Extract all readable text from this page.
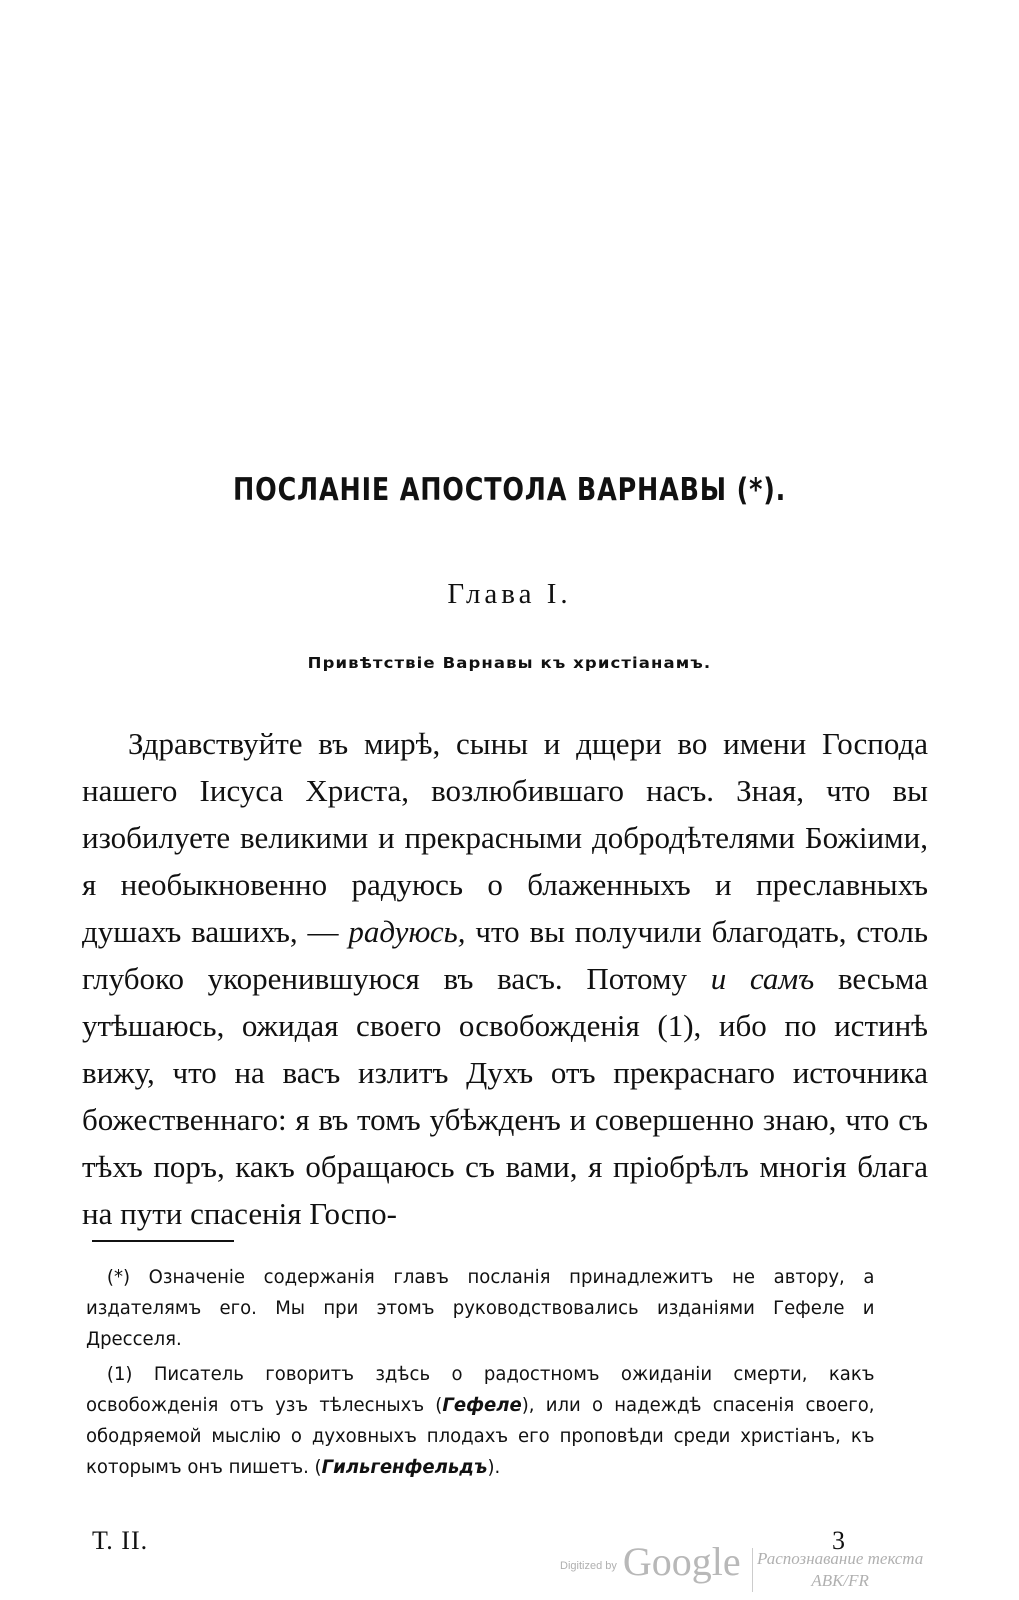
ПОСЛАНІЕ АПОСТОЛА ВАРНАВЫ (*).
Глава I.
Привѣтствіе Варнавы къ христіанамъ.

Здравствуйте въ мирѣ, сыны и дщери во имени Господа нашего Іисуса Христа, возлюбившаго насъ. Зная, что вы изобилуете великими и прекрасными добродѣтелями Божіими, я необыкновенно радуюсь о блаженныхъ и преславныхъ душахъ вашихъ, — радуюсь, что вы получили благодать, столь глубоко укоренившуюся въ васъ. Потому и самъ весьма утѣшаюсь, ожидая своего освобожденія (1), ибо по истинѣ вижу, что на васъ излитъ Духъ отъ прекраснаго источника божественнаго: я въ томъ убѣжденъ и совершенно знаю, что съ тѣхъ поръ, какъ обращаюсь съ вами, я пріобрѣлъ многія блага на пути спасенія Госпо-

(*) Означеніе содержанія главъ посланія принадлежитъ не автору, а издателямъ его. Мы при этомъ руководствовались изданіями Гефеле и Дресселя.

(1) Писатель говоритъ здѣсь о радостномъ ожиданіи смерти, какъ освобожденія отъ узъ тѣлесныхъ (Гефеле), или о надеждѣ спасенія своего, ободряемой мыслію о духовныхъ плодахъ его проповѣди среди христіанъ, къ которымъ онъ пишетъ. (Гильгенфельдъ).

Т. II.	3
Digitized by Google Распознавание текста
АВК/FR
